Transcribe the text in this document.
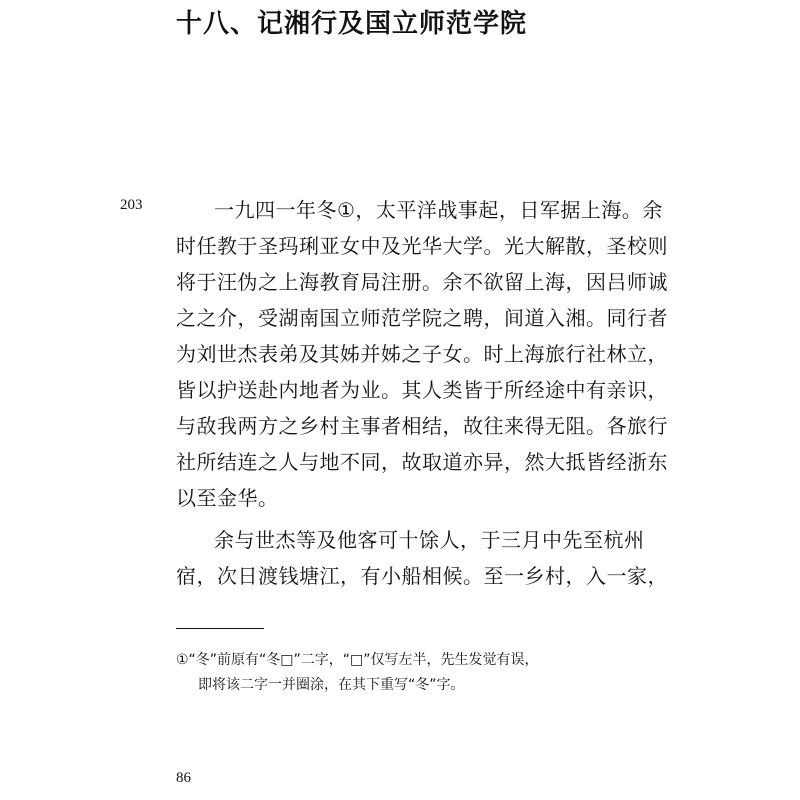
十八、记湘行及国立师范学院
203	一九四一年冬①，太平洋战事起，日军据上海。余
时任教于圣玛琍亚女中及光华大学。光大解散，圣校则
将于汪伪之上海教育局注册。余不欲留上海，因吕师诚
之之介，受湖南国立师范学院之聘，间道入湘。同行者
为刘世杰表弟及其姊并姊之子女。时上海旅行社林立，
皆以护送赴内地者为业。其人类皆于所经途中有亲识，
与敌我两方之乡村主事者相结，故往来得无阻。各旅行
社所结连之人与地不同，故取道亦异，然大抵皆经浙东
以至金华。
余与世杰等及他客可十馀人，于三月中先至杭州
宿，次日渡钱塘江，有小船相候。至一乡村，入一家，
①“冬”前原有“冬□”二字，“□”仅写左半，先生发觉有误，
即将该二字一并圈涂，在其下重写“冬”字。
86
